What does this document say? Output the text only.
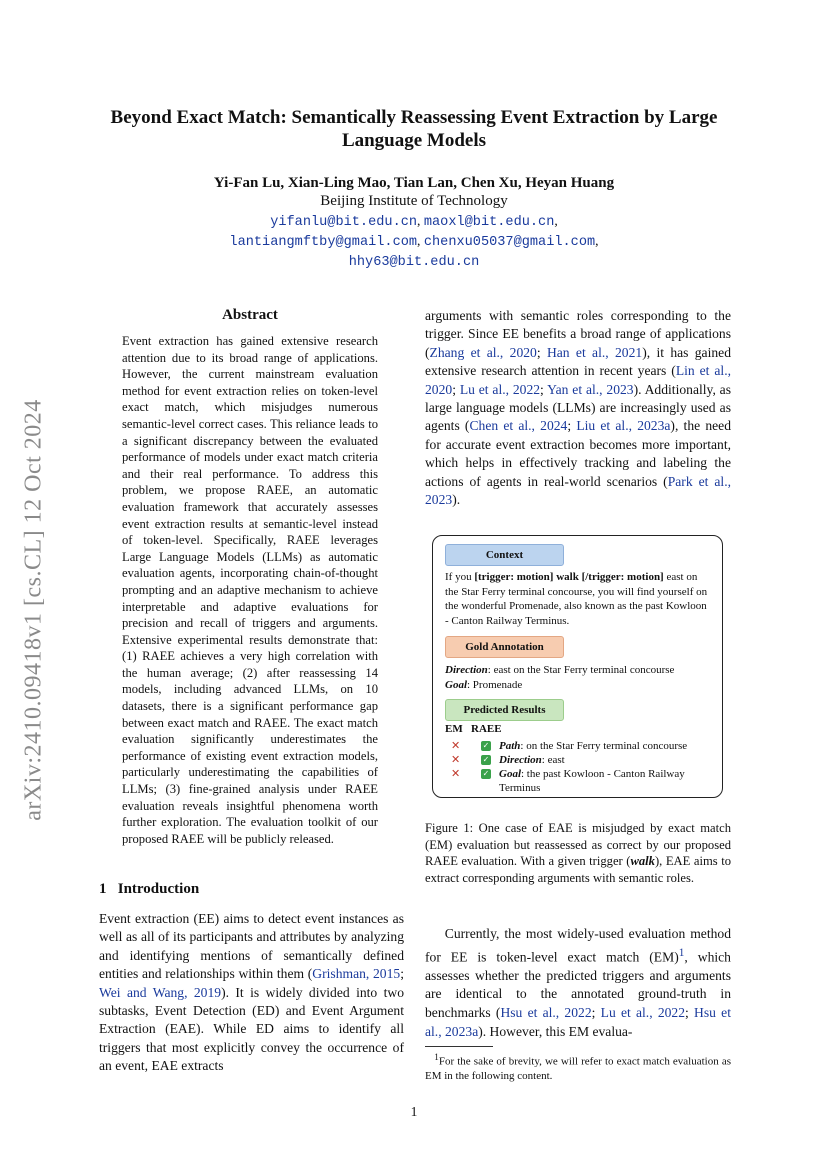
arXiv:2410.09418v1 [cs.CL] 12 Oct 2024
Beyond Exact Match: Semantically Reassessing Event Extraction by Large Language Models
Yi-Fan Lu, Xian-Ling Mao, Tian Lan, Chen Xu, Heyan Huang
Beijing Institute of Technology
yifanlu@bit.edu.cn, maoxl@bit.edu.cn,
lantiangmftby@gmail.com, chenxu05037@gmail.com,
hhy63@bit.edu.cn
Abstract
Event extraction has gained extensive research attention due to its broad range of applications. However, the current mainstream evaluation method for event extraction relies on token-level exact match, which misjudges numerous semantic-level correct cases. This reliance leads to a significant discrepancy between the evaluated performance of models under exact match criteria and their real performance. To address this problem, we propose RAEE, an automatic evaluation framework that accurately assesses event extraction results at semantic-level instead of token-level. Specifically, RAEE leverages Large Language Models (LLMs) as automatic evaluation agents, incorporating chain-of-thought prompting and an adaptive mechanism to achieve interpretable and adaptive evaluations for precision and recall of triggers and arguments. Extensive experimental results demonstrate that: (1) RAEE achieves a very high correlation with the human average; (2) after reassessing 14 models, including advanced LLMs, on 10 datasets, there is a significant performance gap between exact match and RAEE. The exact match evaluation significantly underestimates the performance of existing event extraction models, particularly underestimating the capabilities of LLMs; (3) fine-grained analysis under RAEE evaluation reveals insightful phenomena worth further exploration. The evaluation toolkit of our proposed RAEE will be publicly released.
1 Introduction
Event extraction (EE) aims to detect event instances as well as all of its participants and attributes by analyzing and identifying mentions of semantically defined entities and relationships within them (Grishman, 2015; Wei and Wang, 2019). It is widely divided into two subtasks, Event Detection (ED) and Event Argument Extraction (EAE). While ED aims to identify all triggers that most explicitly convey the occurrence of an event, EAE extracts
arguments with semantic roles corresponding to the trigger. Since EE benefits a broad range of applications (Zhang et al., 2020; Han et al., 2021), it has gained extensive research attention in recent years (Lin et al., 2020; Lu et al., 2022; Yan et al., 2023). Additionally, as large language models (LLMs) are increasingly used as agents (Chen et al., 2024; Liu et al., 2023a), the need for accurate event extraction becomes more important, which helps in effectively tracking and labeling the actions of agents in real-world scenarios (Park et al., 2023).
Context
If you [trigger: motion] walk [/trigger: motion] east on the Star Ferry terminal concourse, you will find yourself on the wonderful Promenade, also known as the past Kowloon - Canton Railway Terminus.
Gold Annotation
Direction: east on the Star Ferry terminal concourse
Goal: Promenade
Predicted Results
EM RAEE
✕	✓ Path: on the Star Ferry terminal concourse
✕	✓ Direction: east
✕	✓ Goal: the past Kowloon - Canton Railway Terminus
Figure 1: One case of EAE is misjudged by exact match (EM) evaluation but reassessed as correct by our proposed RAEE evaluation. With a given trigger (walk), EAE aims to extract corresponding arguments with semantic roles.
Currently, the most widely-used evaluation method for EE is token-level exact match (EM)$^1$, which assesses whether the predicted triggers and arguments are identical to the annotated ground-truth in benchmarks (Hsu et al., 2022; Lu et al., 2022; Hsu et al., 2023a). However, this EM evalua-
$^1$For the sake of brevity, we will refer to exact match evaluation as EM in the following content.
1
